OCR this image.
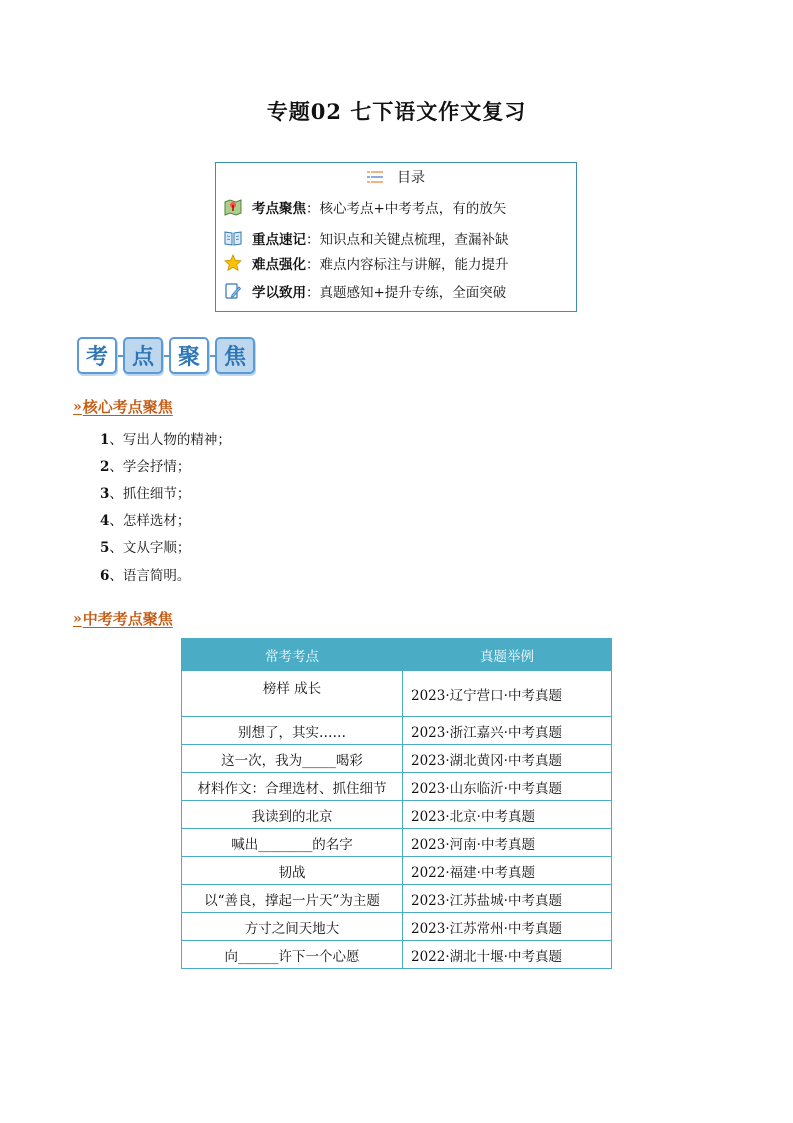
专题02 七下语文作文复习
目录
考点聚焦 ：核心考点+中考考点，有的放矢
重点速记 ：知识点和关键点梳理，查漏补缺
难点强化 ：难点内容标注与讲解，能力提升
学以致用 ：真题感知+提升专练，全面突破
考	点	聚	焦
» 核心考点聚焦
1、写出人物的精神；
2、学会抒情；
3、抓住细节；
4、怎样选材；
5、文从字顺；
6、语言简明。
» 中考考点聚焦
常考考点	真题举例
榜样 成长	2023·辽宁营口·中考真题
别想了，其实……	2023·浙江嘉兴·中考真题
这一次，我为_____喝彩	2023·湖北黄冈·中考真题
材料作文：合理选材、抓住细节	2023·山东临沂·中考真题
我读到的北京	2023·北京·中考真题
喊出________的名字	2023·河南·中考真题
韧战	2022·福建·中考真题
以“善良，撑起一片天”为主题	2023·江苏盐城·中考真题
方寸之间天地大	2023·江苏常州·中考真题
向______许下一个心愿	2022·湖北十堰·中考真题
